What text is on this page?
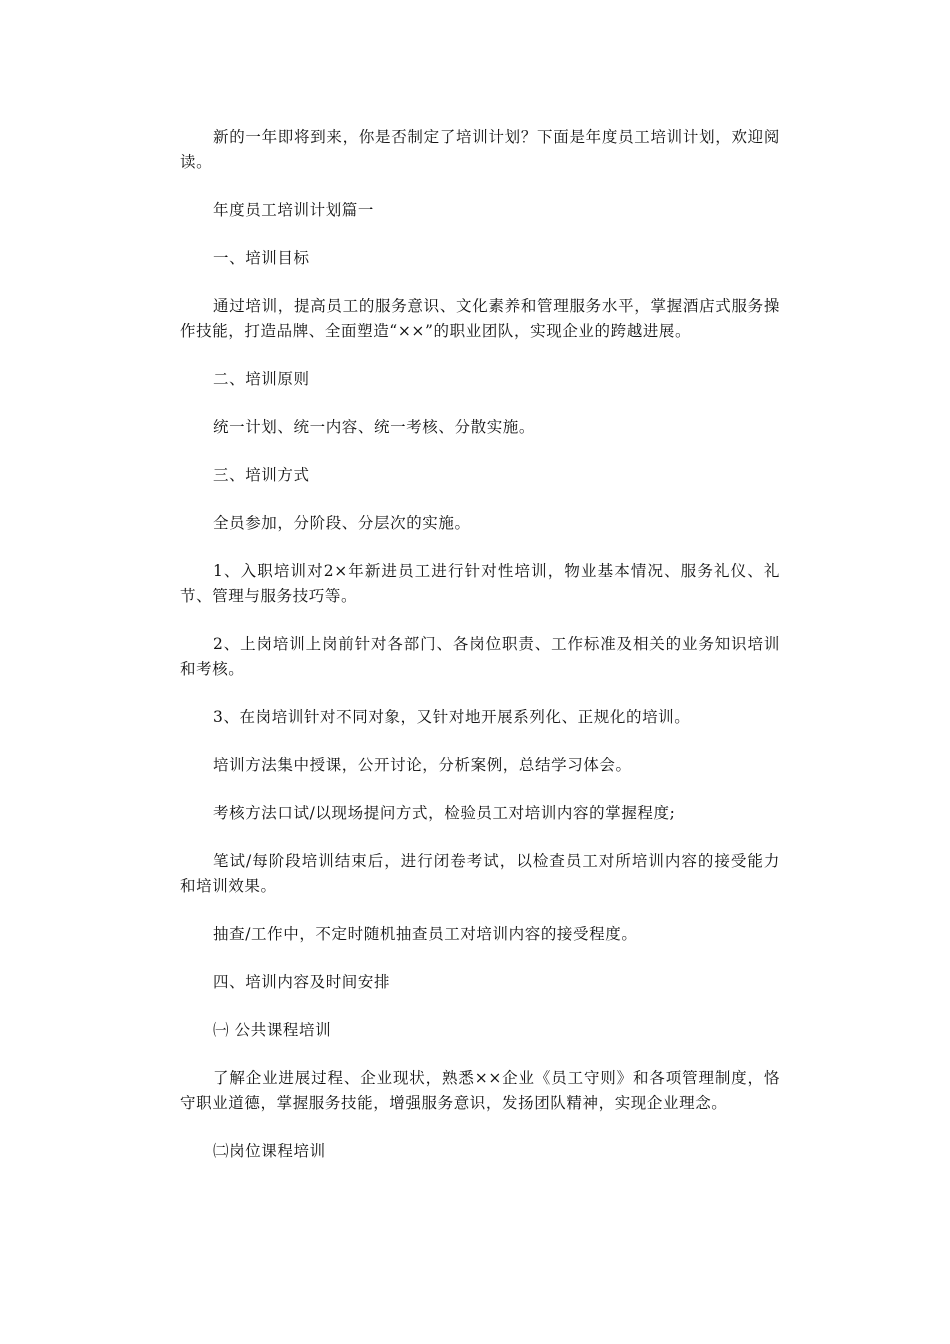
新的一年即将到来，你是否制定了培训计划？下面是年度员工培训计划，欢迎阅读。

年度员工培训计划篇一

一、培训目标

通过培训，提高员工的服务意识、文化素养和管理服务水平，掌握酒店式服务操作技能，打造品牌、全面塑造“××”的职业团队，实现企业的跨越进展。

二、培训原则

统一计划、统一内容、统一考核、分散实施。

三、培训方式

全员参加，分阶段、分层次的实施。

1、入职培训对2×年新进员工进行针对性培训，物业基本情况、服务礼仪、礼节、管理与服务技巧等。

2、上岗培训上岗前针对各部门、各岗位职责、工作标准及相关的业务知识培训和考核。

3、在岗培训针对不同对象，又针对地开展系列化、正规化的培训。

培训方法集中授课，公开讨论，分析案例，总结学习体会。

考核方法口试/以现场提问方式，检验员工对培训内容的掌握程度;

笔试/每阶段培训结束后，进行闭卷考试，以检查员工对所培训内容的接受能力和培训效果。

抽查/工作中，不定时随机抽查员工对培训内容的接受程度。

四、培训内容及时间安排

㈠ 公共课程培训

了解企业进展过程、企业现状，熟悉××企业《员工守则》和各项管理制度，恪守职业道德，掌握服务技能，增强服务意识，发扬团队精神，实现企业理念。

㈡岗位课程培训
